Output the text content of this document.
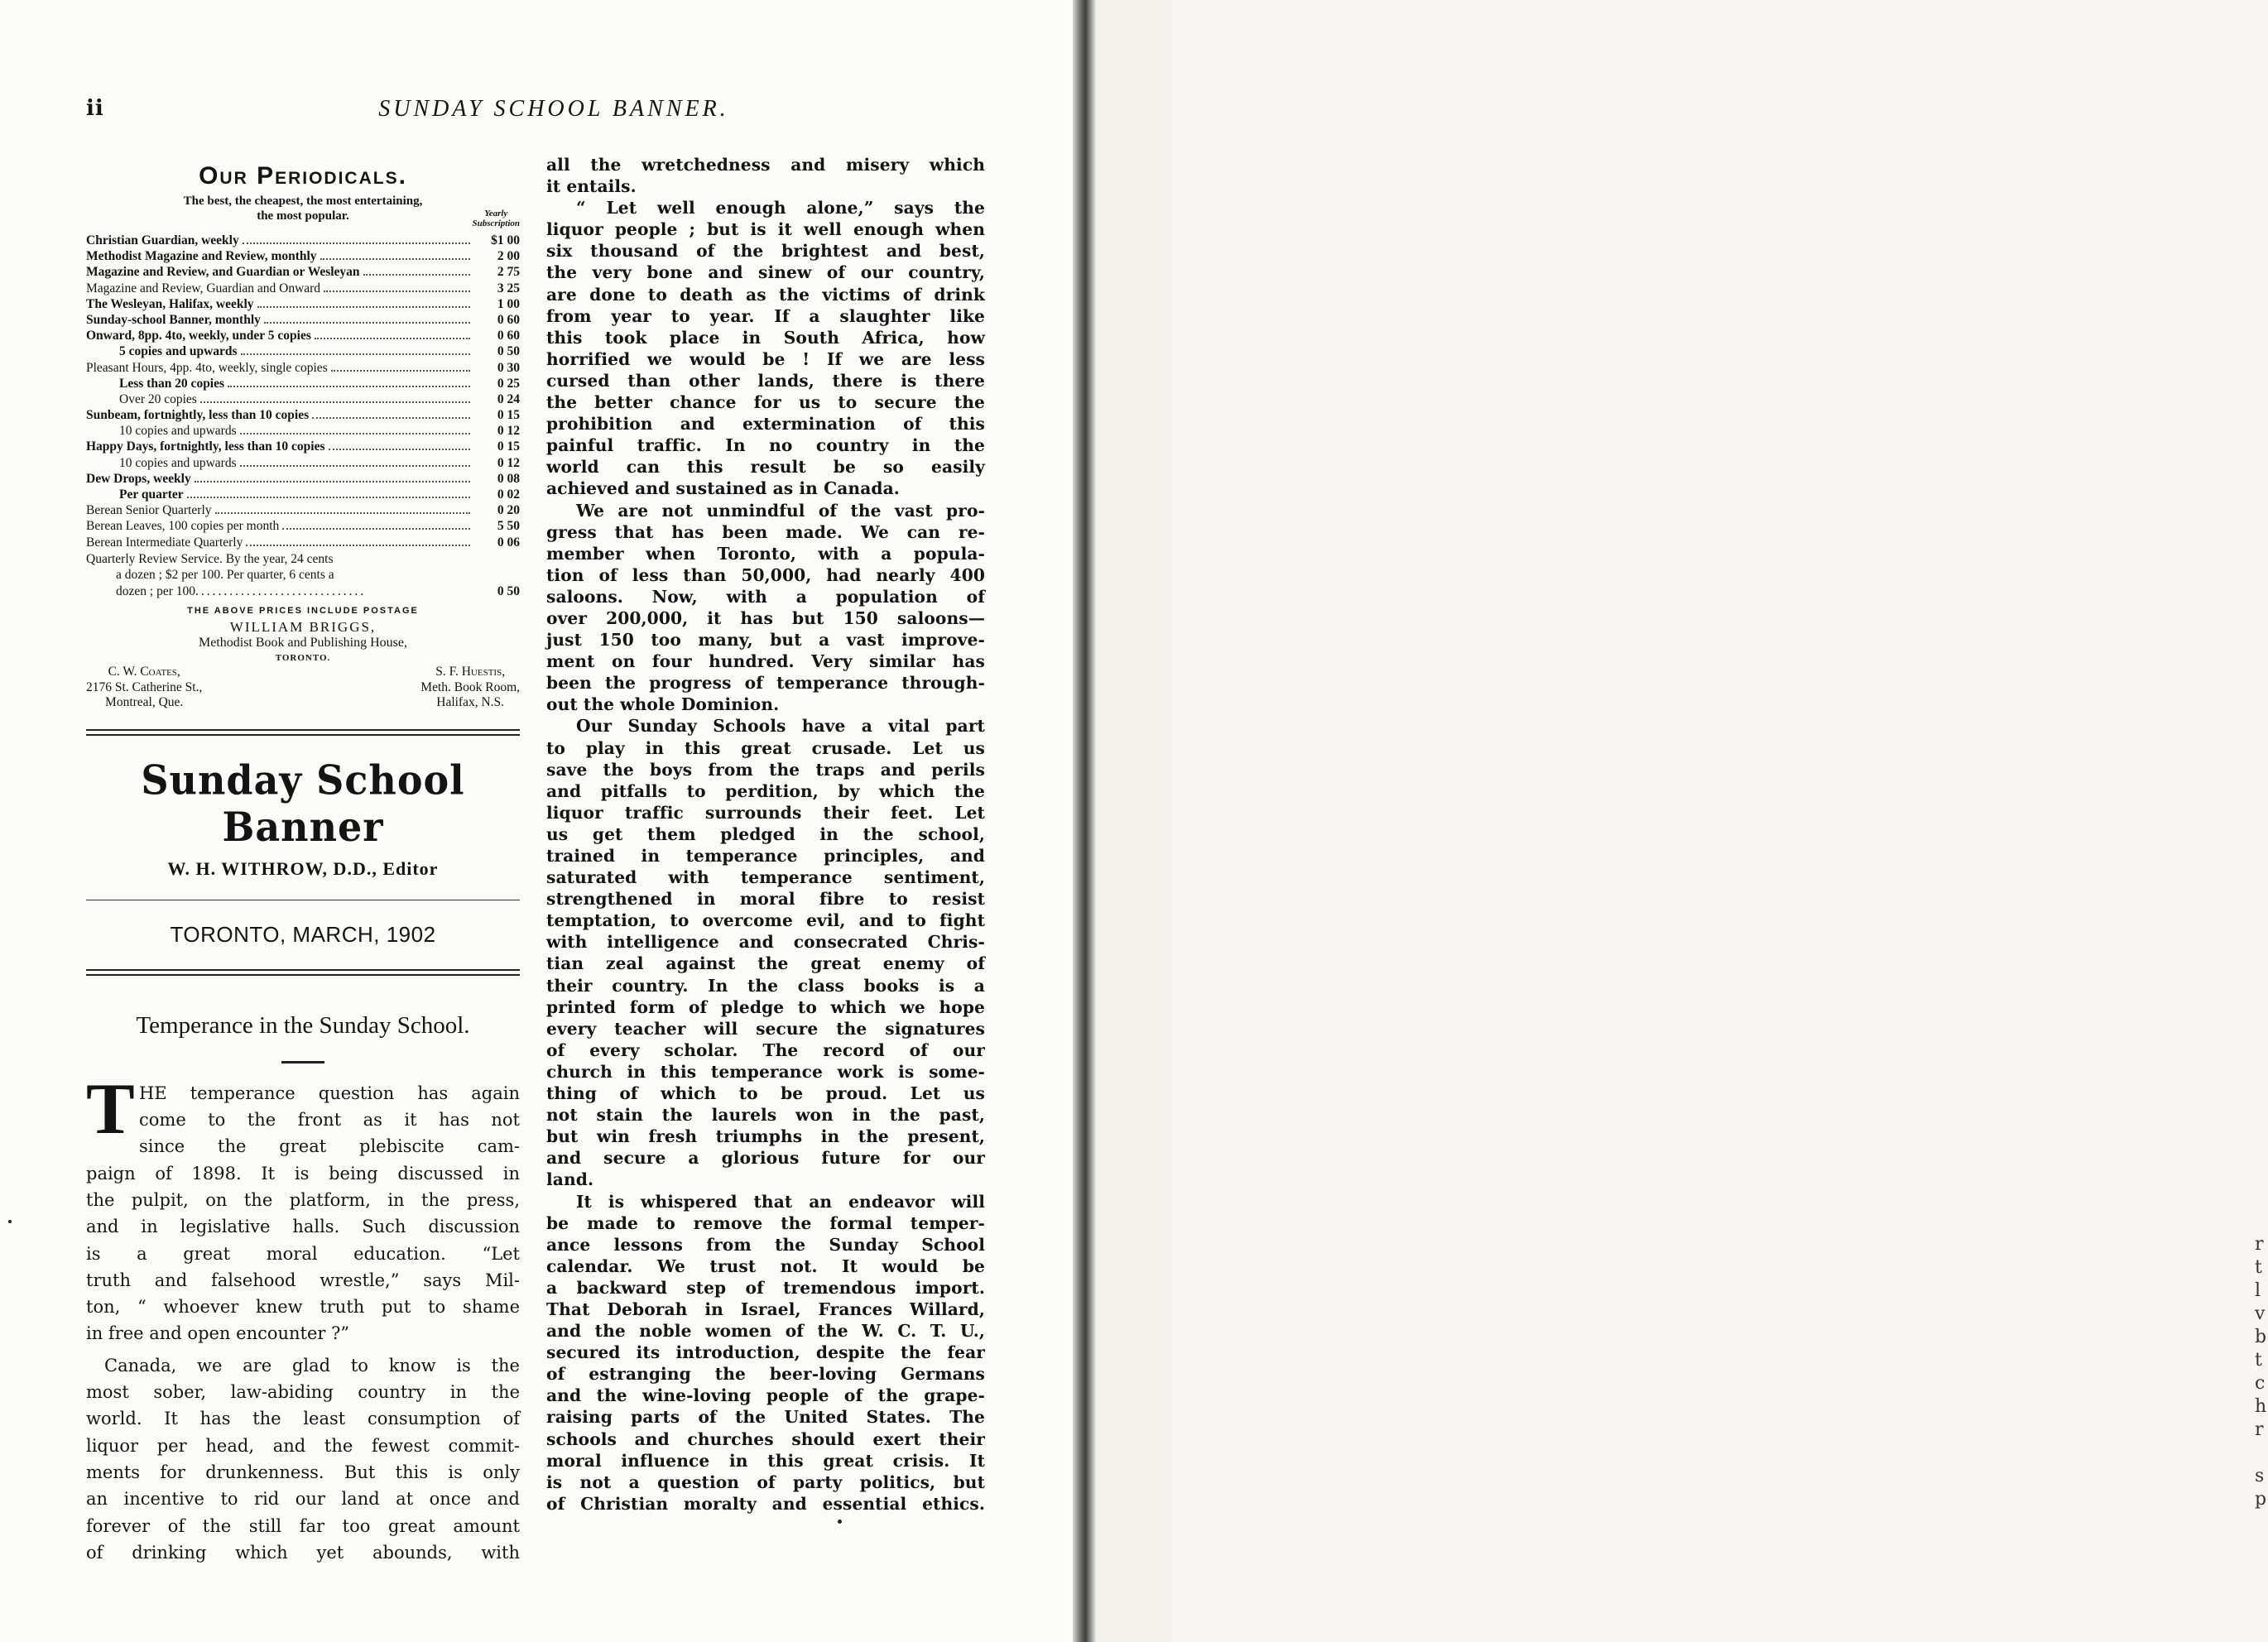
ii	SUNDAY SCHOOL BANNER.
Our Periodicals.
The best, the cheapest, the most entertaining,
the most popular.	Yearly
Subscription
Christian Guardian, weekly	$1 00
Methodist Magazine and Review, monthly	2 00
Magazine and Review, and Guardian or Wesleyan	2 75
Magazine and Review, Guardian and Onward	3 25
The Wesleyan, Halifax, weekly	1 00
Sunday-school Banner, monthly	0 60
Onward, 8pp. 4to, weekly, under 5 copies	0 60
5 copies and upwards	0 50
Pleasant Hours, 4pp. 4to, weekly, single copies	0 30
Less than 20 copies	0 25
Over 20 copies	0 24
Sunbeam, fortnightly, less than 10 copies	0 15
10 copies and upwards	0 12
Happy Days, fortnightly, less than 10 copies	0 15
10 copies and upwards	0 12
Dew Drops, weekly	0 08
Per quarter	0 02
Berean Senior Quarterly	0 20
Berean Leaves, 100 copies per month	5 50
Berean Intermediate Quarterly	0 06
Quarterly Review Service. By the year, 24 cents
a dozen ; $2 per 100. Per quarter, 6 cents a
dozen ; per 100..............................	0 50
THE ABOVE PRICES INCLUDE POSTAGE
WILLIAM BRIGGS,
Methodist Book and Publishing House,
TORONTO.
C. W. Coates,
2176 St. Catherine St.,
Montreal, Que.
S. F. Huestis,
Meth. Book Room,
Halifax, N.S.
Sunday School Banner
W. H. WITHROW, D.D., Editor
TORONTO, MARCH, 1902
Temperance in the Sunday School.
T HE temperance question has again
come to the front as it has not
since the great plebiscite cam-
paign of 1898. It is being discussed in
the pulpit, on the platform, in the press,
and in legislative halls. Such discussion
is a great moral education. “Let
truth and falsehood wrestle,” says Mil-
ton, “ whoever knew truth put to shame
in free and open encounter ?”
Canada, we are glad to know is the
most sober, law-abiding country in the
world. It has the least consumption of
liquor per head, and the fewest commit-
ments for drunkenness. But this is only
an incentive to rid our land at once and
forever of the still far too great amount
of drinking which yet abounds, with
all the wretchedness and misery which
it entails.
“ Let well enough alone,” says the
liquor people ; but is it well enough when
six thousand of the brightest and best,
the very bone and sinew of our country,
are done to death as the victims of drink
from year to year. If a slaughter like
this took place in South Africa, how
horrified we would be ! If we are less
cursed than other lands, there is there
the better chance for us to secure the
prohibition and extermination of this
painful traffic. In no country in the
world can this result be so easily
achieved and sustained as in Canada.
We are not unmindful of the vast pro-
gress that has been made. We can re-
member when Toronto, with a popula-
tion of less than 50,000, had nearly 400
saloons. Now, with a population of
over 200,000, it has but 150 saloons—
just 150 too many, but a vast improve-
ment on four hundred. Very similar has
been the progress of temperance through-
out the whole Dominion.
Our Sunday Schools have a vital part
to play in this great crusade. Let us
save the boys from the traps and perils
and pitfalls to perdition, by which the
liquor traffic surrounds their feet. Let
us get them pledged in the school,
trained in temperance principles, and
saturated with temperance sentiment,
strengthened in moral fibre to resist
temptation, to overcome evil, and to fight
with intelligence and consecrated Chris-
tian zeal against the great enemy of
their country. In the class books is a
printed form of pledge to which we hope
every teacher will secure the signatures
of every scholar. The record of our
church in this temperance work is some-
thing of which to be proud. Let us
not stain the laurels won in the past,
but win fresh triumphs in the present,
and secure a glorious future for our
land.
It is whispered that an endeavor will
be made to remove the formal temper-
ance lessons from the Sunday School
calendar. We trust not. It would be
a backward step of tremendous import.
That Deborah in Israel, Frances Willard,
and the noble women of the W. C. T. U.,
secured its introduction, despite the fear
of estranging the beer-loving Germans
and the wine-loving people of the grape-
raising parts of the United States. The
schools and churches should exert their
moral influence in this great crisis. It
is not a question of party politics, but
of Christian moralty and essential ethics.
r
t
l
v
b
t
c
h
r

s
p
